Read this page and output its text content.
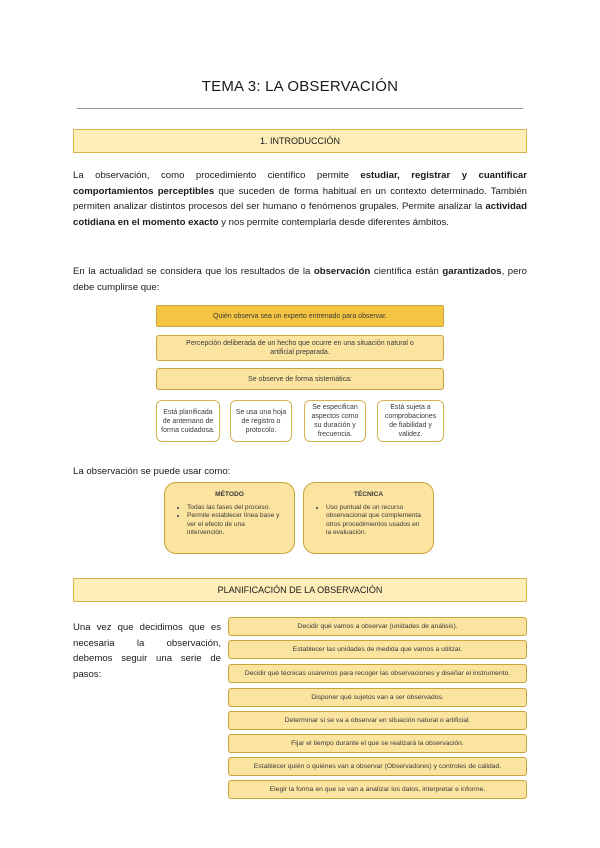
TEMA 3: LA OBSERVACIÓN
1. INTRODUCCIÓN
La observación, como procedimiento científico permite estudiar, registrar y cuantificar comportamientos perceptibles que suceden de forma habitual en un contexto determinado. También permiten analizar distintos procesos del ser humano o fenómenos grupales. Permite analizar la actividad cotidiana en el momento exacto y nos permite contemplarla desde diferentes ámbitos.
En la actualidad se considera que los resultados de la observación científica están garantizados, pero debe cumplirse que:
Quién observa sea un experto entrenado para observar.
Percepción deliberada de un hecho que ocurre en una situación natural o artificial preparada.
Se observe de forma sistemática:
Está planificada de antemano de forma cuidadosa.
Se usa una hoja de registro o protocolo.
Se especifican aspectos como su duración y frecuencia.
Está sujeta a comprobaciones de fiabilidad y validez.
La observación se puede usar como:
MÉTODO
• Todas las fases del proceso.
• Permite establecer línea base y ver el efecto de una intervención.
TÉCNICA
• Uso puntual de un recurso observacional que complementa otros procedimientos usados en la evaluación.
PLANIFICACIÓN DE LA OBSERVACIÓN
Una vez que decidimos que es necesaria la observación, debemos seguir una serie de pasos:
Decidir qué vamos a observar (unidades de análisis).
Establecer las unidades de medida que vamos a utilizar.
Decidir qué técnicas usaremos para recoger las observaciones y diseñar el instrumento.
Disponer qué sujetos van a ser observados.
Determinar si se va a observar en situación natural o artificial.
Fijar el tiempo durante el que se realizará la observación.
Establecer quién o quiénes van a observar (Observadores) y controles de calidad.
Elegir la forma en que se van a analizar los datos, interpretar e informe.
